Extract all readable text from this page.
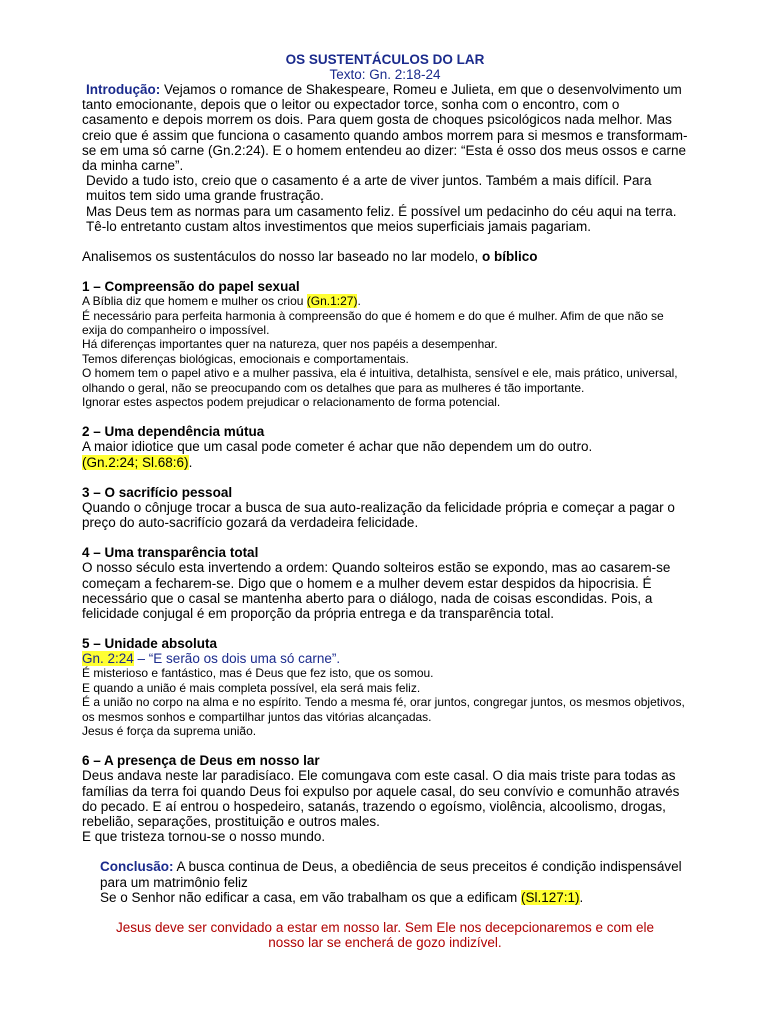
OS SUSTENTÁCULOS DO LAR

Texto: Gn. 2:18-24

Introdução: Vejamos o romance de Shakespeare, Romeu e Julieta, em que o desenvolvimento um tanto emocionante, depois que o leitor ou expectador torce, sonha com o encontro, com o casamento e depois morrem os dois. Para quem gosta de choques psicológicos nada melhor. Mas creio que é assim que funciona o casamento quando ambos morrem para si mesmos e transformam-se em uma só carne (Gn.2:24). E o homem entendeu ao dizer: “Esta é osso dos meus ossos e carne da minha carne”.

Devido a tudo isto, creio que o casamento é a arte de viver juntos. Também a mais difícil. Para muitos tem sido uma grande frustração.

Mas Deus tem as normas para um casamento feliz. É possível um pedacinho do céu aqui na terra. Tê-lo entretanto custam altos investimentos que meios superficiais jamais pagariam.

Analisemos os sustentáculos do nosso lar baseado no lar modelo, o bíblico

1 – Compreensão do papel sexual

A Bíblia diz que homem e mulher os criou (Gn.1:27).

É necessário para perfeita harmonia à compreensão do que é homem e do que é mulher. Afim de que não se exija do companheiro o impossível.

Há diferenças importantes quer na natureza, quer nos papéis a desempenhar.

Temos diferenças biológicas, emocionais e comportamentais.

O homem tem o papel ativo e a mulher passiva, ela é intuitiva, detalhista, sensível e ele, mais prático, universal, olhando o geral, não se preocupando com os detalhes que para as mulheres é tão importante.

Ignorar estes aspectos podem prejudicar o relacionamento de forma potencial.

2 – Uma dependência mútua

A maior idiotice que um casal pode cometer é achar que não dependem um do outro.

(Gn.2:24; Sl.68:6).

3 – O sacrifício pessoal

Quando o cônjuge trocar a busca de sua auto-realização da felicidade própria e começar a pagar o preço do auto-sacrifício gozará da verdadeira felicidade.

4 – Uma transparência total

O nosso século esta invertendo a ordem: Quando solteiros estão se expondo, mas ao casarem-se começam a fecharem-se. Digo que o homem e a mulher devem estar despidos da hipocrisia. É necessário que o casal se mantenha aberto para o diálogo, nada de coisas escondidas. Pois, a felicidade conjugal é em proporção da própria entrega e da transparência total.

5 – Unidade absoluta

Gn. 2:24 – “E serão os dois uma só carne”.

É misterioso e fantástico, mas é Deus que fez isto, que os somou.

E quando a união é mais completa possível, ela será mais feliz.

É a união no corpo na alma e no espírito. Tendo a mesma fé, orar juntos, congregar juntos, os mesmos objetivos, os mesmos sonhos e compartilhar juntos das vitórias alcançadas.

Jesus é força da suprema união.

6 – A presença de Deus em nosso lar

Deus andava neste lar paradisíaco. Ele comungava com este casal. O dia mais triste para todas as famílias da terra foi quando Deus foi expulso por aquele casal, do seu convívio e comunhão através do pecado. E aí entrou o hospedeiro, satanás, trazendo o egoísmo, violência, alcoolismo, drogas, rebelião, separações, prostituição e outros males.

E que tristeza tornou-se o nosso mundo.

Conclusão: A busca continua de Deus, a obediência de seus preceitos é condição indispensável para um matrimônio feliz

Se o Senhor não edificar a casa, em vão trabalham os que a edificam (Sl.127:1).

Jesus deve ser convidado a estar em nosso lar. Sem Ele nos decepcionaremos e com ele

nosso lar se encherá de gozo indizível.
